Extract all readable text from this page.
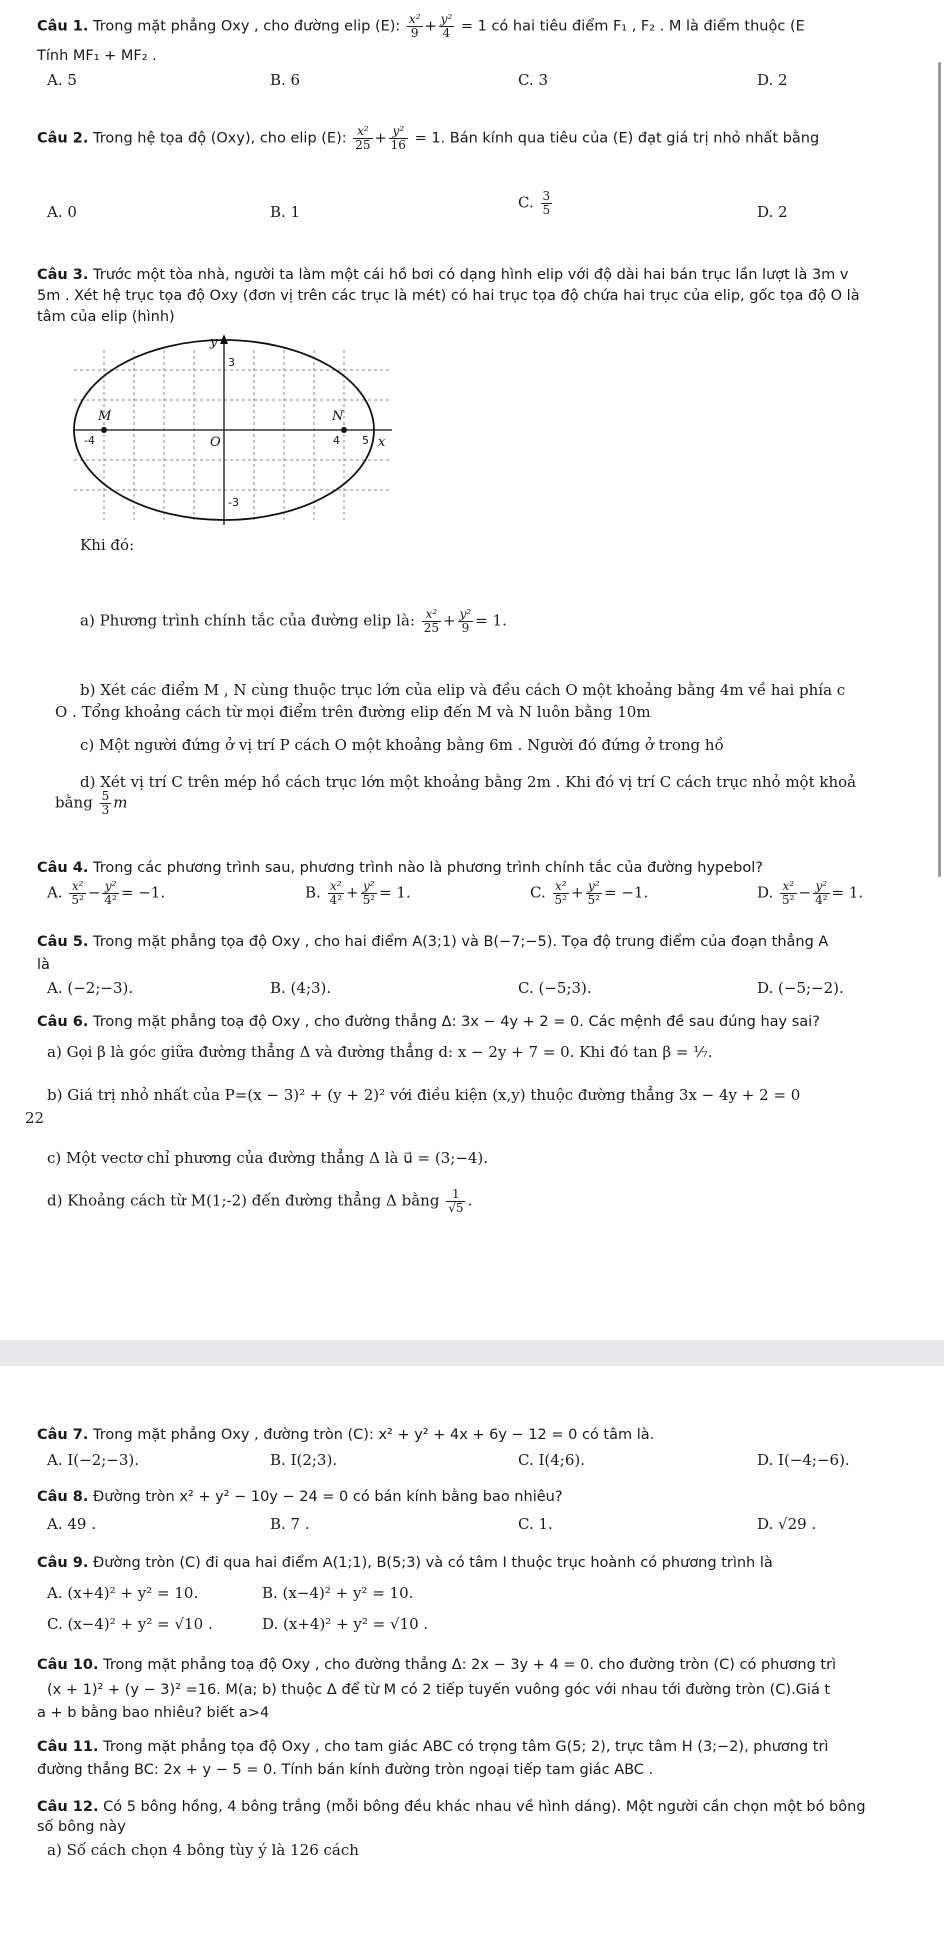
Câu 1. Trong mặt phẳng Oxy , cho đường elip (E): $\frac{\text{x²}}{9} + \frac{\text{y²}}{4} = 1$ có hai tiêu điểm F₁ , F₂ . M là điểm thuộc (E
Tính MF₁ + MF₂ .
A. 5	B. 6	C. 3	D. 2
Câu 2. Trong hệ tọa độ (Oxy), cho elip (E): $\frac{\text{x²}}{25} + \frac{\text{y²}}{16} = 1$. Bán kính qua tiêu của (E) đạt giá trị nhỏ nhất bằng
A. 0	B. 1
C. $\frac{3}{5}$	D. 2
Câu 3. Trước một tòa nhà, người ta làm một cái hồ bơi có dạng hình elip với độ dài hai bán trục lần lượt là 3m v
5m . Xét hệ trục tọa độ Oxy (đơn vị trên các trục là mét) có hai trục tọa độ chứa hai trục của elip, gốc tọa độ O là
tâm của elip (hình)
y
x
O
M	N
3
-3
-4	4 5
Khi đó:
a) Phương trình chính tắc của đường elip là: $\frac{\text{x²}}{25} + \frac{\text{y²}}{9} = 1$.
b) Xét các điểm M , N cùng thuộc trục lớn của elip và đều cách O một khoảng bằng 4m về hai phía c
O . Tổng khoảng cách từ mọi điểm trên đường elip đến M và N luôn bằng 10m
c) Một người đứng ở vị trí P cách O một khoảng bằng 6m . Người đó đứng ở trong hồ
d) Xét vị trí C trên mép hồ cách trục lớn một khoảng bằng 2m . Khi đó vị trí C cách trục nhỏ một khoả
bằng $\frac{5}{3}$ m
Câu 4. Trong các phương trình sau, phương trình nào là phương trình chính tắc của đường hypebol?
A. $\frac{\text{x²}}{\text{5²}} - \frac{\text{y²}}{\text{4²}} = -1$.	B. $\frac{\text{x²}}{\text{4²}} + \frac{\text{y²}}{\text{5²}} = 1$.	C. $\frac{\text{x²}}{\text{5²}} + \frac{\text{y²}}{\text{5²}} = -1$.	D. $\frac{\text{x²}}{\text{5²}} - \frac{\text{y²}}{\text{4²}} = 1$.
Câu 5. Trong mặt phẳng tọa độ Oxy , cho hai điểm A(3;1) và B(−7;−5). Tọa độ trung điểm của đoạn thẳng A
là
A. (−2;−3).	B. (4;3).	C. (−5;3).	D. (−5;−2).
Câu 6. Trong mặt phẳng toạ độ Oxy , cho đường thẳng Δ: 3x − 4y + 2 = 0. Các mệnh đề sau đúng hay sai?
a) Gọi β là góc giữa đường thẳng Δ và đường thẳng d: x − 2y + 7 = 0. Khi đó tan β = ¹⁄₇.
b) Giá trị nhỏ nhất của P=(x − 3)² + (y + 2)² với điều kiện (x,y) thuộc đường thẳng 3x − 4y + 2 = 0
22
c) Một vectơ chỉ phương của đường thẳng Δ là u⃗ = (3;−4).
d) Khoảng cách từ M(1;-2) đến đường thẳng Δ bằng $\frac{1}{√5}$ .
Câu 7. Trong mặt phẳng Oxy , đường tròn (C): x² + y² + 4x + 6y − 12 = 0 có tâm là.
A. I(−2;−3).	B. I(2;3).	C. I(4;6).	D. I(−4;−6).
Câu 8. Đường tròn x² + y² − 10y − 24 = 0 có bán kính bằng bao nhiêu?
A. 49 .	B. 7 .	C. 1.	D. √29 .
Câu 9. Đường tròn (C) đi qua hai điểm A(1;1), B(5;3) và có tâm I thuộc trục hoành có phương trình là
A. (x+4)² + y² = 10.	B. (x−4)² + y² = 10.
C. (x−4)² + y² = √10 .	D. (x+4)² + y² = √10 .
Câu 10. Trong mặt phẳng toạ độ Oxy , cho đường thẳng Δ: 2x − 3y + 4 = 0. cho đường tròn (C) có phương trì
(x + 1)² + (y − 3)² =16. M(a; b) thuộc Δ để từ M có 2 tiếp tuyến vuông góc với nhau tới đường tròn (C).Giá t
a + b bằng bao nhiêu? biết a>4
Câu 11. Trong mặt phẳng tọa độ Oxy , cho tam giác ABC có trọng tâm G(5; 2), trực tâm H (3;−2), phương trì
đường thẳng BC: 2x + y − 5 = 0. Tính bán kính đường tròn ngoại tiếp tam giác ABC .
Câu 12. Có 5 bông hồng, 4 bông trắng (mỗi bông đều khác nhau về hình dáng). Một người cần chọn một bó bông
số bông này
a) Số cách chọn 4 bông tùy ý là 126 cách
